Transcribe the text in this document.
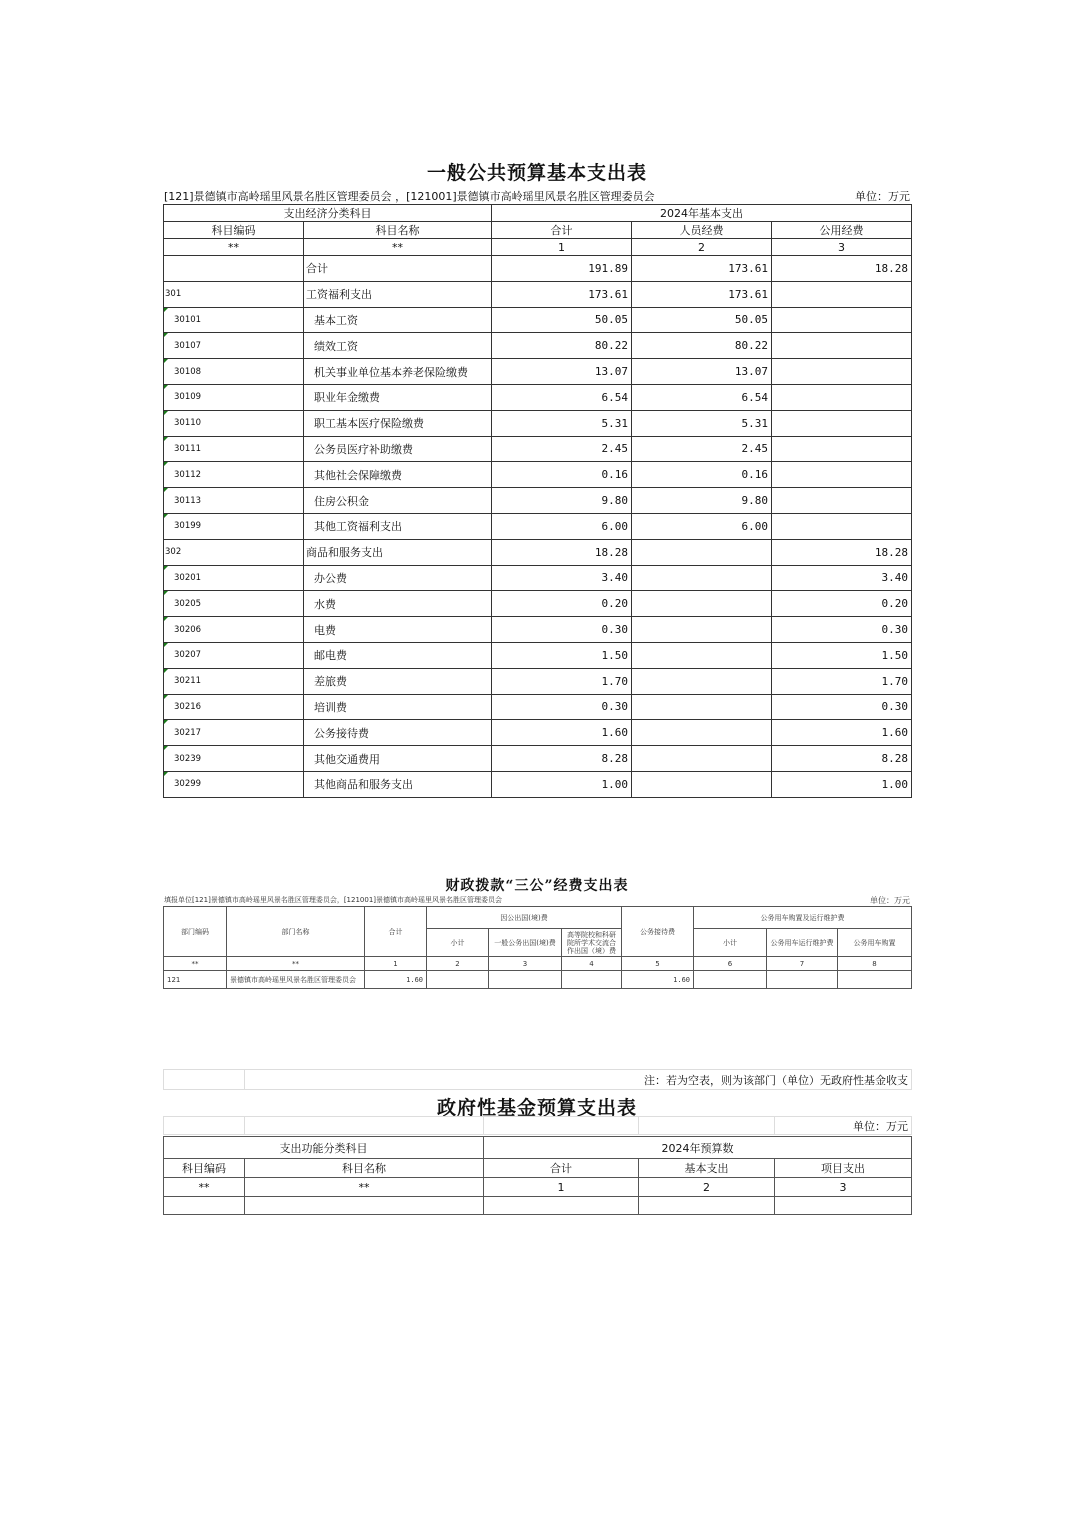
一般公共预算基本支出表
[121]景德镇市高岭瑶里风景名胜区管理委员会 ，[121001]景德镇市高岭瑶里风景名胜区管理委员会	单位：万元
支出经济分类科目		2024年基本支出		
科目编码	科目名称	合计	人员经费	公用经费
**	**	1	2	3
	合计	191.89	173.61	18.28
301	工资福利支出	173.61	173.61	
30101	基本工资	50.05	50.05	
30107	绩效工资	80.22	80.22	
30108	机关事业单位基本养老保险缴费	13.07	13.07	
30109	职业年金缴费	6.54	6.54	
30110	职工基本医疗保险缴费	5.31	5.31	
30111	公务员医疗补助缴费	2.45	2.45	
30112	其他社会保障缴费	0.16	0.16	
30113	住房公积金	9.80	9.80	
30199	其他工资福利支出	6.00	6.00	
302	商品和服务支出	18.28		18.28
30201	办公费	3.40		3.40
30205	水费	0.20		0.20
30206	电费	0.30		0.30
30207	邮电费	1.50		1.50
30211	差旅费	1.70		1.70
30216	培训费	0.30		0.30
30217	公务接待费	1.60		1.60
30239	其他交通费用	8.28		8.28
30299	其他商品和服务支出	1.00		1.00
财政拨款“三公”经费支出表
填报单位[121]景德镇市高岭瑶里风景名胜区管理委员会，[121001]景德镇市高岭瑶里风景名胜区管理委员会	单位：万元
部门编码	部门名称	合计	因公出国(境)费			公务接待费	公务用车购置及运行维护费		
			小计	一般公务出国(境)费	高等院校和科研院所学术交流合作出国（境）费		小计	公务用车运行维护费	公务用车购置
**	**	1	2	3	4	5	6	7	8
121	景德镇市高岭瑶里风景名胜区管理委员会	1.60				1.60			
	注：若为空表，则为该部门（单位）无政府性基金收支
政府性基金预算支出表
				单位：万元
支出功能分类科目		2024年预算数		
科目编码	科目名称	合计	基本支出	项目支出
**	**	1	2	3
